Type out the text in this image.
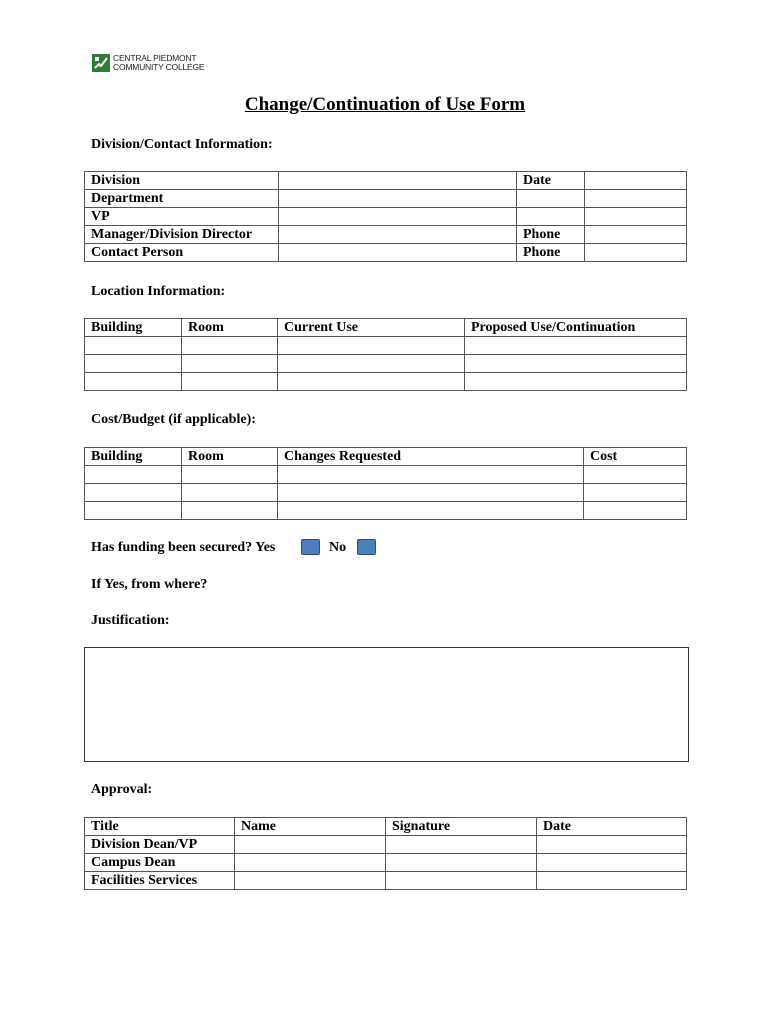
CENTRAL PIEDMONT
COMMUNITY COLLEGE
Change/Continuation of Use Form
Division/Contact Information:
Division		Date	
Department			
VP			
Manager/Division Director		Phone	
Contact Person		Phone	
Location Information:
Building	Room	Current Use	Proposed Use/Continuation

Cost/Budget (if applicable):
Building	Room	Changes Requested	Cost

Has funding been secured? Yes	No
If Yes, from where?
Justification:
Approval:
Title	Name	Signature	Date
Division Dean/VP			
Campus Dean			
Facilities Services			
